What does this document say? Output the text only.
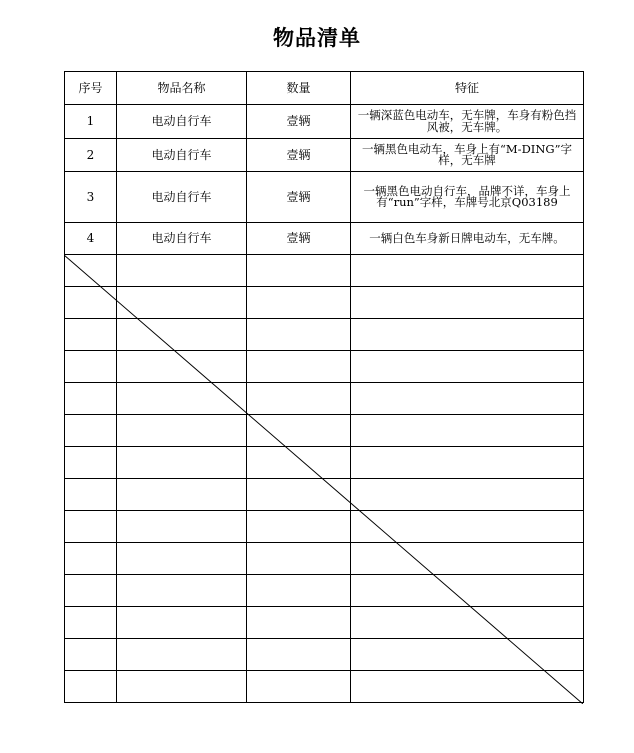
物品清单
序号	物品名称	数量	特征
1	电动自行车	壹辆	一辆深蓝色电动车，无车牌，车身有粉色挡风被，无车牌。
2	电动自行车	壹辆	一辆黑色电动车，车身上有“M-DING”字样，无车牌
3	电动自行车	壹辆	一辆黑色电动自行车，品牌不详，车身上有“run”字样，车牌号北京Q03189
4	电动自行车	壹辆	一辆白色车身新日牌电动车，无车牌。
